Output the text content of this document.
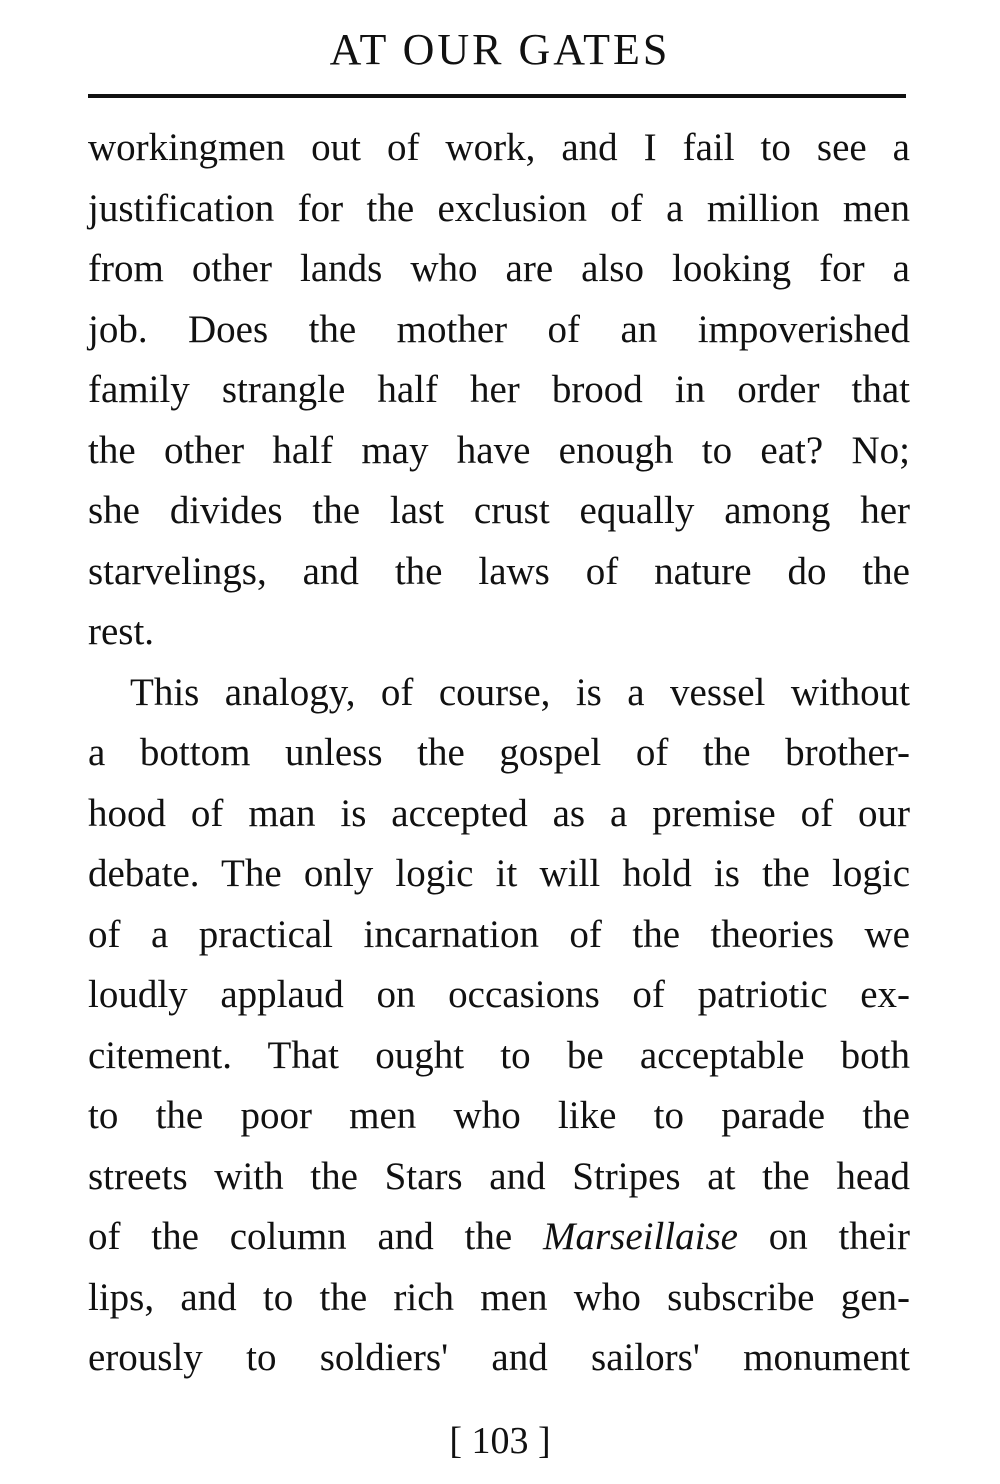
AT OUR GATES
workingmen out of work, and I fail to see a
justification for the exclusion of a million men
from other lands who are also looking for a
job. Does the mother of an impoverished
family strangle half her brood in order that
the other half may have enough to eat? No;
she divides the last crust equally among her
starvelings, and the laws of nature do the
rest.
This analogy, of course, is a vessel without
a bottom unless the gospel of the brother-
hood of man is accepted as a premise of our
debate. The only logic it will hold is the logic
of a practical incarnation of the theories we
loudly applaud on occasions of patriotic ex-
citement. That ought to be acceptable both
to the poor men who like to parade the
streets with the Stars and Stripes at the head
of the column and the Marseillaise on their
lips, and to the rich men who subscribe gen-
erously to soldiers' and sailors' monument
[ 103 ]
